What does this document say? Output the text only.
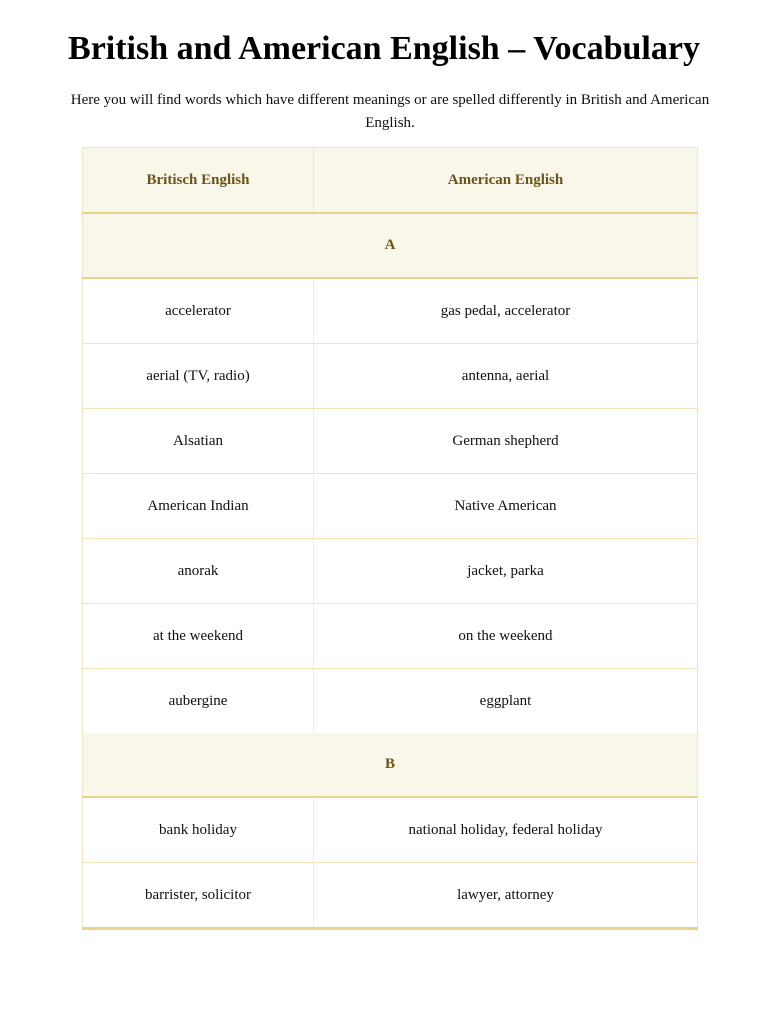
British and American English – Vocabulary

Here you will find words which have different meanings or are spelled differently in British and American English.

Britisch English	American English
A	
accelerator	gas pedal, accelerator
aerial (TV, radio)	antenna, aerial
Alsatian	German shepherd
American Indian	Native American
anorak	jacket, parka
at the weekend	on the weekend
aubergine	eggplant
B	
bank holiday	national holiday, federal holiday
barrister, solicitor	lawyer, attorney
